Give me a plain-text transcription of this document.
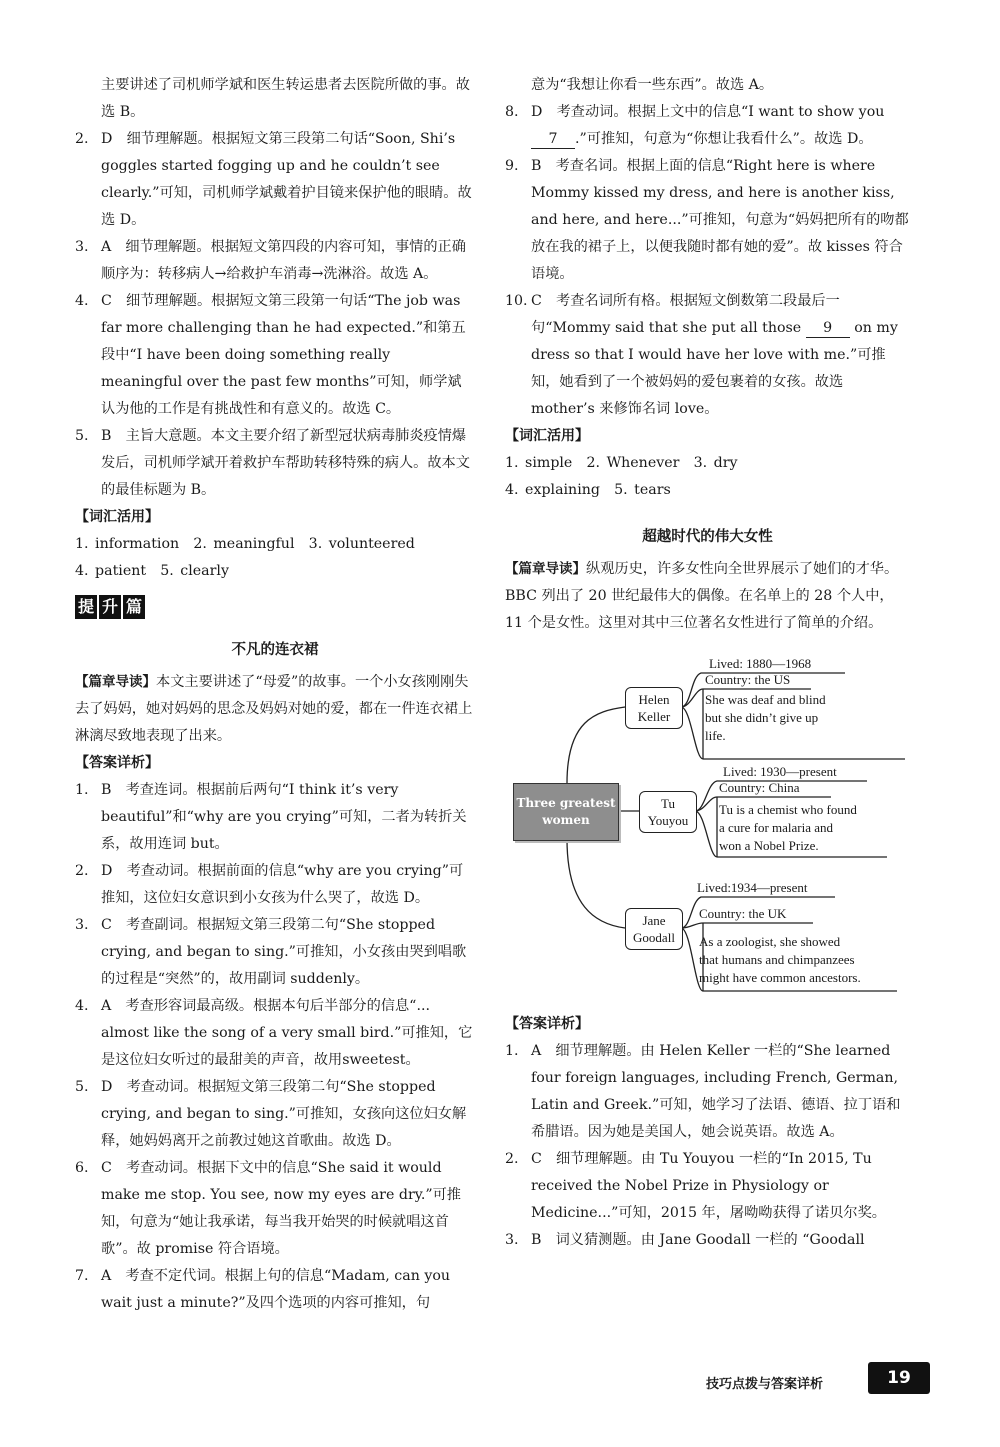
主要讲述了司机师学斌和医生转运患者去医院所做的事。故选 B。

2. D　细节理解题。根据短文第三段第二句话“Soon, Shi’s goggles started fogging up and he couldn’t see clearly.”可知，司机师学斌戴着护目镜来保护他的眼睛。故选 D。
3. A　细节理解题。根据短文第四段的内容可知，事情的正确顺序为：转移病人→给救护车消毒→洗淋浴。故选 A。
4. C　细节理解题。根据短文第三段第一句话“The job was far more challenging than he had expected.”和第五段中“I have been doing something really meaningful over the past few months”可知，师学斌认为他的工作是有挑战性和有意义的。故选 C。
5. B　主旨大意题。本文主要介绍了新型冠状病毒肺炎疫情爆发后，司机师学斌开着救护车帮助转移特殊的病人。故本文的最佳标题为 B。
【词汇活用】
1. information　2. meaningful　3. volunteered
4. patient　5. clearly
提 升 篇
不凡的连衣裙

【篇章导读】本文主要讲述了“母爱”的故事。一个小女孩刚刚失去了妈妈，她对妈妈的思念及妈妈对她的爱，都在一件连衣裙上淋漓尽致地表现了出来。

【答案详析】
1. B　考查连词。根据前后两句“I think it’s very beautiful”和“why are you crying”可知，二者为转折关系，故用连词 but。
2. D　考查动词。根据前面的信息“why are you crying”可推知，这位妇女意识到小女孩为什么哭了，故选 D。
3. C　考查副词。根据短文第三段第二句“She stopped crying, and began to sing.”可推知，小女孩由哭到唱歌的过程是“突然”的，故用副词 suddenly。
4. A　考查形容词最高级。根据本句后半部分的信息“... almost like the song of a very small bird.”可推知，它是这位妇女听过的最甜美的声音，故用sweetest。
5. D　考查动词。根据短文第三段第二句“She stopped crying, and began to sing.”可推知，女孩向这位妇女解释，她妈妈离开之前教过她这首歌曲。故选 D。
6. C　考查动词。根据下文中的信息“She said it would make me stop. You see, now my eyes are dry.”可推知，句意为“她让我承诺，每当我开始哭的时候就唱这首歌”。故 promise 符合语境。
7. A　考查不定代词。根据上句的信息“Madam, can you wait just a minute?”及四个选项的内容可推知，句

意为“我想让你看一些东西”。故选 A。

8. D　考查动词。根据上文中的信息“I want to show you 7 .”可推知，句意为“你想让我看什么”。故选 D。
9. B　考查名词。根据上面的信息“Right here is where Mommy kissed my dress, and here is another kiss, and here, and here...”可推知，句意为“妈妈把所有的吻都放在我的裙子上，以便我随时都有她的爱”。故 kisses 符合语境。
10. C　考查名词所有格。根据短文倒数第二段最后一句“Mommy said that she put all those 9 on my dress so that I would have her love with me.”可推知，她看到了一个被妈妈的爱包裹着的女孩。故选 mother’s 来修饰名词 love。
【词汇活用】
1. simple　2. Whenever　3. dry
4. explaining　5. tears
超越时代的伟大女性

【篇章导读】纵观历史，许多女性向全世界展示了她们的才华。BBC 列出了 20 世纪最伟大的偶像。在名单上的 28 个人中，11 个是女性。这里对其中三位著名女性进行了简单的介绍。

Three greatest women
Helen Keller
Lived: 1880—1968
Country: the US
She was deaf and blind
but she didn’t give up
life.
Tu Youyou
Lived: 1930—present
Country: China
Tu is a chemist who found
a cure for malaria and
won a Nobel Prize.
Jane Goodall
Lived:1934—present
Country: the UK
As a zoologist, she showed
that humans and chimpanzees
might have common ancestors.
【答案详析】
1. A　细节理解题。由 Helen Keller 一栏的“She learned four foreign languages, including French, German, Latin and Greek.”可知，她学习了法语、德语、拉丁语和希腊语。因为她是美国人，她会说英语。故选 A。
2. C　细节理解题。由 Tu Youyou 一栏的“In 2015, Tu received the Nobel Prize in Physiology or Medicine...”可知，2015 年，屠呦呦获得了诺贝尔奖。
3. B　词义猜测题。由 Jane Goodall 一栏的 “Goodall
技巧点拨与答案详析	19
